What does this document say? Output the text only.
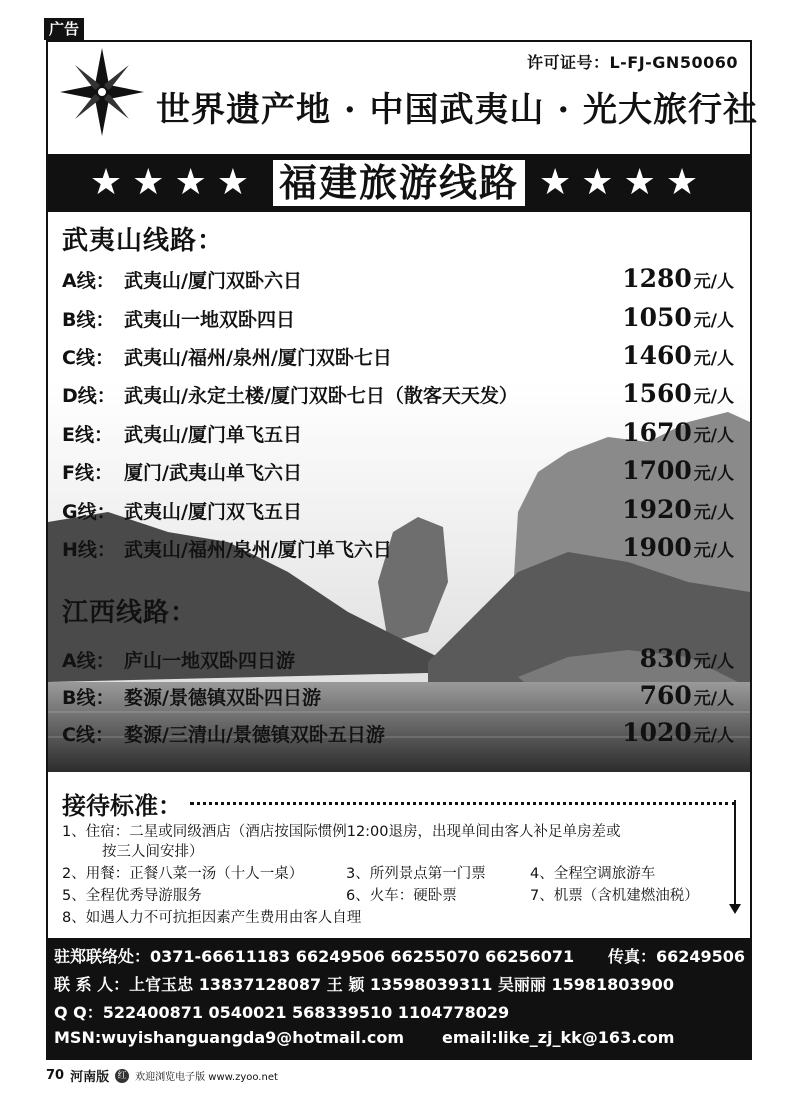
广告
许可证号：L-FJ-GN50060
世界遗产地 · 中国武夷山 · 光大旅行社
★★★★ 福建旅游线路 ★★★★
武夷山线路：
A线： 武夷山/厦门双卧六日	1280 元/人
B线： 武夷山一地双卧四日	1050 元/人
C线： 武夷山/福州/泉州/厦门双卧七日	1460 元/人
D线： 武夷山/永定土楼/厦门双卧七日（散客天天发）	1560 元/人
E线： 武夷山/厦门单飞五日	1670 元/人
F线： 厦门/武夷山单飞六日	1700 元/人
G线： 武夷山/厦门双飞五日	1920 元/人
H线： 武夷山/福州/泉州/厦门单飞六日	1900 元/人
江西线路：
A线： 庐山一地双卧四日游	830 元/人
B线： 婺源/景德镇双卧四日游	760 元/人
C线： 婺源/三清山/景德镇双卧五日游	1020 元/人
接待标准：
1、住宿：二星或同级酒店（酒店按国际惯例12:00退房，出现单间由客人补足单房差或
按三人间安排）
2、用餐：正餐八菜一汤（十人一桌）	3、所列景点第一门票	4、全程空调旅游车
5、全程优秀导游服务	6、火车：硬卧票	7、机票（含机建燃油税）
8、如遇人力不可抗拒因素产生费用由客人自理
驻郑联络处：0371-66611183 66249506 66255070 66256071 传真：66249506
联 系 人：上官玉忠 13837128087 王 颖 13598039311 吴丽丽 15981803900
Q Q：522400871 0540021 568339510 1104778029
MSN:wuyishanguangda9@hotmail.com email:like_zj_kk@163.com
70 河南版 红 欢迎浏览电子版 www.zyoo.net
